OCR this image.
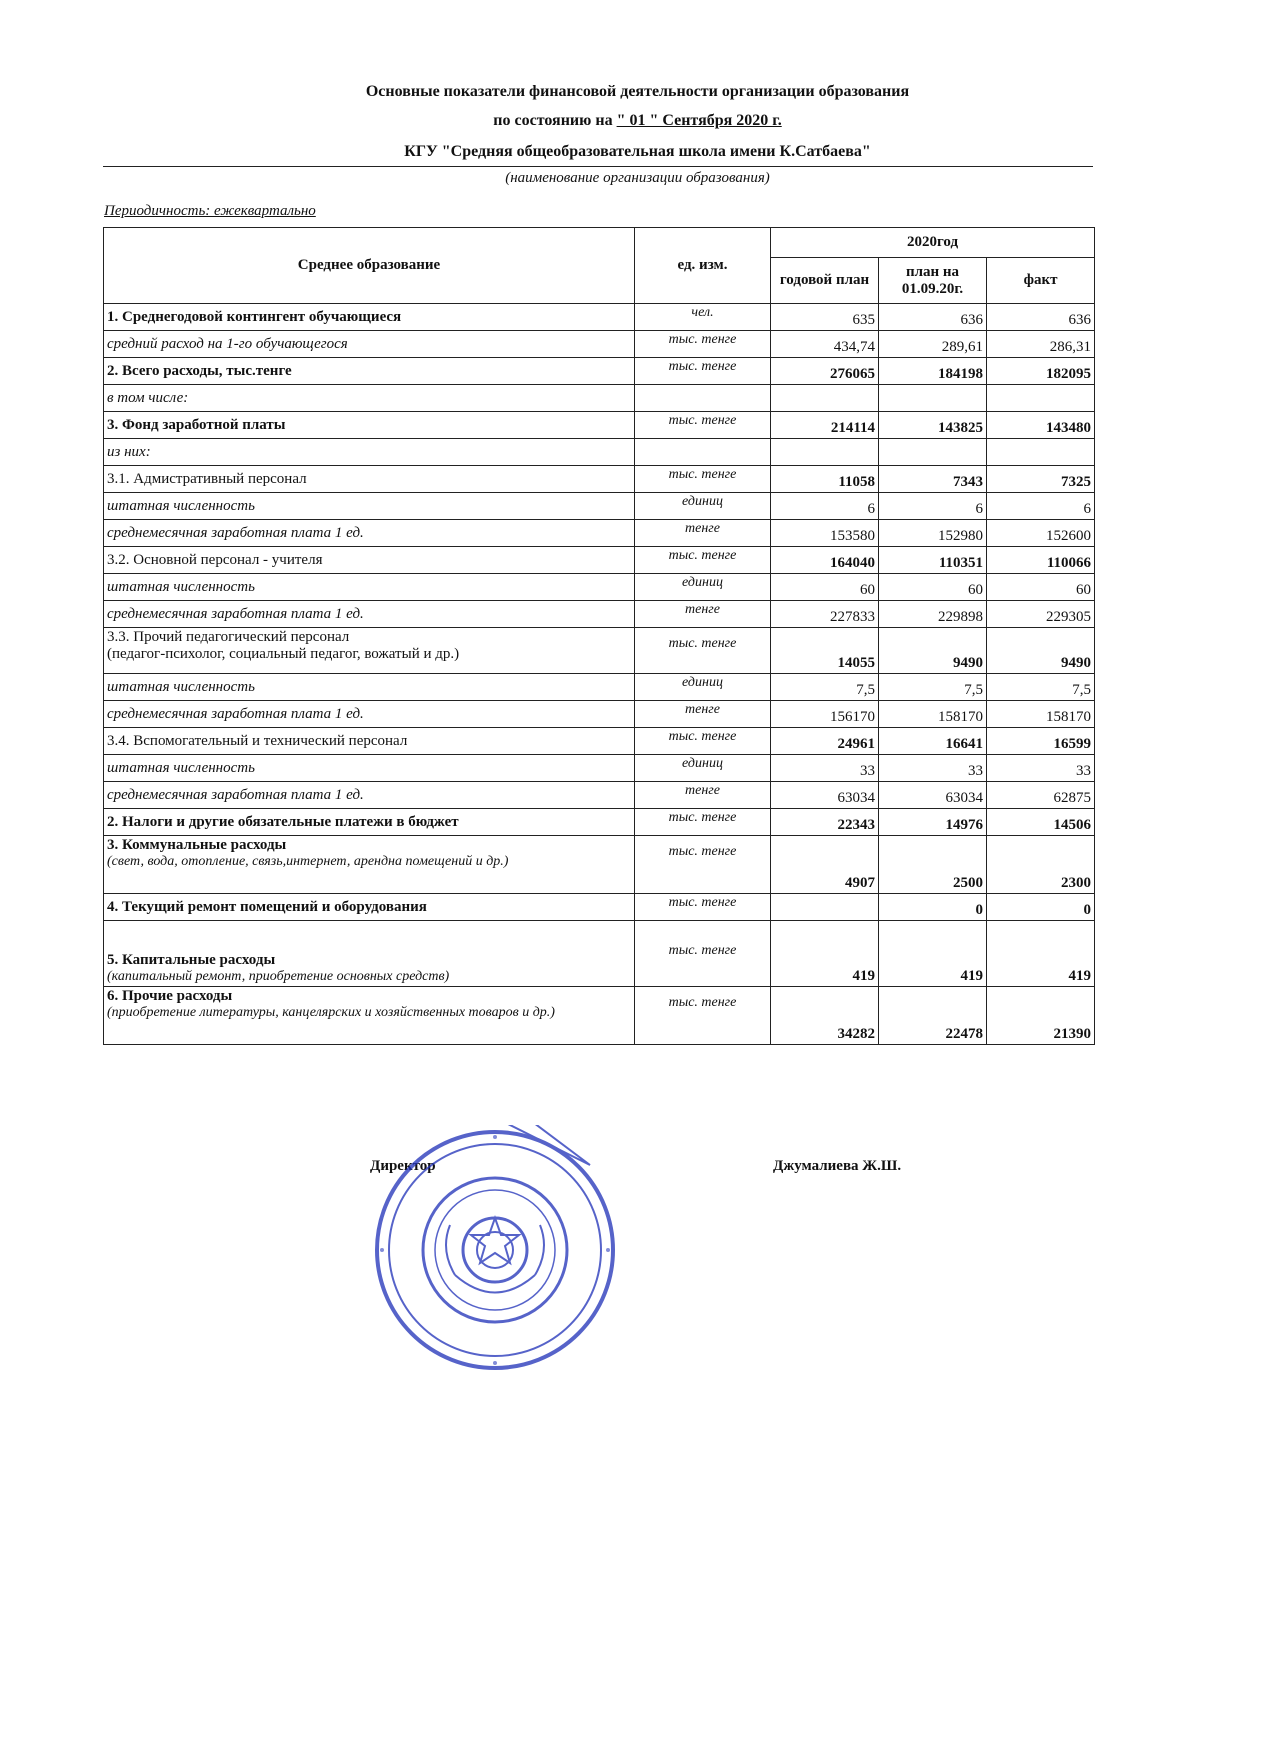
Основные показатели финансовой деятельности организации образования
по состоянию на " 01 " Сентября 2020 г.
КГУ "Средняя общеобразовательная школа имени К.Сатбаева"
(наименование организации образования)
Периодичность: ежеквартально
Среднее образование	ед. изм.	2020год		
		годовой план	план на 01.09.20г.	факт

1. Среднегодовой контингент обучающиеся	чел.	635	636	636

средний расход на 1-го обучающегося	тыс. тенге	434,74	289,61	286,31

2. Всего расходы, тыс.тенге	тыс. тенге	276065	184198	182095

в том числе:				

3. Фонд заработной платы	тыс. тенге	214114	143825	143480

из них:				

3.1. Адмистративный персонал	тыс. тенге	11058	7343	7325

штатная численность	единиц	6	6	6

среднемесячная заработная плата 1 ед.	тенге	153580	152980	152600

3.2. Основной персонал - учителя	тыс. тенге	164040	110351	110066

штатная численность	единиц	60	60	60

среднемесячная заработная плата 1 ед.	тенге	227833	229898	229305

3.3. Прочий педагогический персонал
(педагог-психолог, социальный педагог, вожатый и др.)	тыс. тенге	14055	9490	9490

штатная численность	единиц	7,5	7,5	7,5

среднемесячная заработная плата 1 ед.	тенге	156170	158170	158170

3.4. Вспомогательный и технический персонал	тыс. тенге	24961	16641	16599

штатная численность	единиц	33	33	33

среднемесячная заработная плата 1 ед.	тенге	63034	63034	62875

2. Налоги и другие обязательные платежи в бюджет	тыс. тенге	22343	14976	14506

3. Коммунальные расходы
(свет, вода, отопление, связь,интернет, арендна помещений и др.)	тыс. тенге	4907	2500	2300

4. Текущий ремонт помещений и оборудования	тыс. тенге		0	0

5. Капитальные расходы
(капитальный ремонт, приобретение основных средств)	тыс. тенге	419	419	419

6. Прочие расходы
(приобретение литературы, канцелярских и хозяйственных товаров и др.)	тыс. тенге	34282	22478	21390
Директор	Джумалиева Ж.Ш.
